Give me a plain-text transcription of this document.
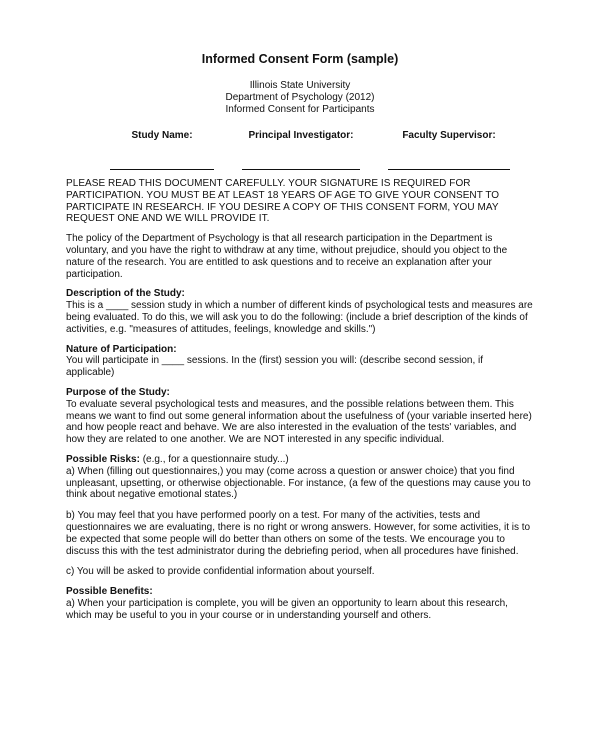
Informed Consent Form (sample)
Illinois State University
Department of Psychology (2012)
Informed Consent for Participants
Study Name:	Principal Investigator:	Faculty Supervisor:

PLEASE READ THIS DOCUMENT CAREFULLY. YOUR SIGNATURE IS REQUIRED FOR PARTICIPATION. YOU MUST BE AT LEAST 18 YEARS OF AGE TO GIVE YOUR CONSENT TO PARTICIPATE IN RESEARCH. IF YOU DESIRE A COPY OF THIS CONSENT FORM, YOU MAY REQUEST ONE AND WE WILL PROVIDE IT.

The policy of the Department of Psychology is that all research participation in the Department is voluntary, and you have the right to withdraw at any time, without prejudice, should you object to the nature of the research. You are entitled to ask questions and to receive an explanation after your participation.

Description of the Study:

This is a ____ session study in which a number of different kinds of psychological tests and measures are being evaluated. To do this, we will ask you to do the following: (include a brief description of the kinds of activities, e.g. "measures of attitudes, feelings, knowledge and skills.")

Nature of Participation:

You will participate in ____ sessions. In the (first) session you will: (describe second session, if applicable)

Purpose of the Study:

To evaluate several psychological tests and measures, and the possible relations between them. This means we want to find out some general information about the usefulness of (your variable inserted here) and how people react and behave. We are also interested in the evaluation of the tests' variables, and how they are related to one another. We are NOT interested in any specific individual.

Possible Risks: (e.g., for a questionnaire study...)

a) When (filling out questionnaires,) you may (come across a question or answer choice) that you find unpleasant, upsetting, or otherwise objectionable. For instance, (a few of the questions may cause you to think about negative emotional states.)

b) You may feel that you have performed poorly on a test. For many of the activities, tests and questionnaires we are evaluating, there is no right or wrong answers. However, for some activities, it is to be expected that some people will do better than others on some of the tests. We encourage you to discuss this with the test administrator during the debriefing period, when all procedures have finished.

c) You will be asked to provide confidential information about yourself.

Possible Benefits:

a) When your participation is complete, you will be given an opportunity to learn about this research, which may be useful to you in your course or in understanding yourself and others.
